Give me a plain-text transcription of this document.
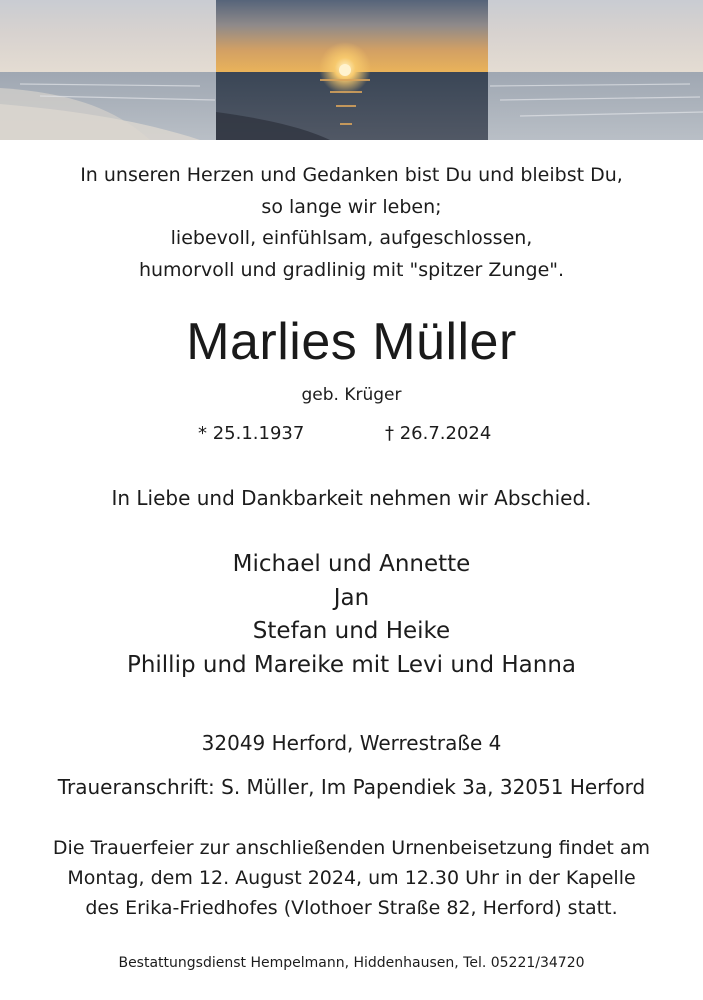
In unseren Herzen und Gedanken bist Du und bleibst Du,
so lange wir leben;
liebevoll, einfühlsam, aufgeschlossen,
humorvoll und gradlinig mit "spitzer Zunge".
Marlies Müller
geb. Krüger
* 25.1.1937	† 26.7.2024
In Liebe und Dankbarkeit nehmen wir Abschied.
Michael und Annette
Jan
Stefan und Heike
Phillip und Mareike mit Levi und Hanna
32049 Herford, Werrestraße 4
Traueranschrift: S. Müller, Im Papendiek 3a, 32051 Herford
Die Trauerfeier zur anschließenden Urnenbeisetzung findet am
Montag, dem 12. August 2024, um 12.30 Uhr in der Kapelle
des Erika-Friedhofes (Vlothoer Straße 82, Herford) statt.
Bestattungsdienst Hempelmann, Hiddenhausen, Tel. 05221/34720
